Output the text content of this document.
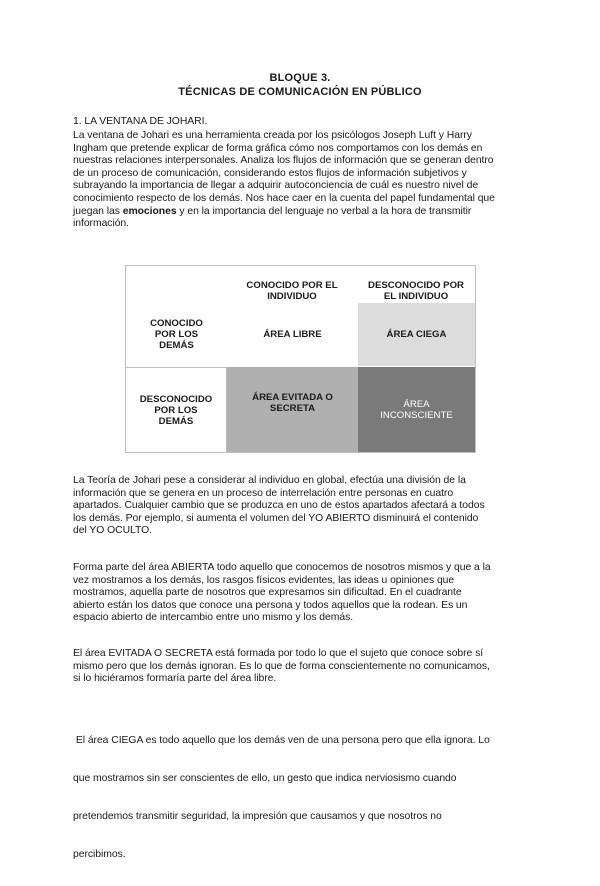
BLOQUE 3.
TÉCNICAS DE COMUNICACIÓN EN PÚBLICO
1. LA VENTANA DE JOHARI.
La ventana de Johari es una herramienta creada por los psicólogos Joseph Luft y Harry
Ingham que pretende explicar de forma gráfica cómo nos comportamos con los demás en
nuestras relaciones interpersonales. Analiza los flujos de información que se generan dentro
de un proceso de comunicación, considerando estos flujos de información subjetivos y
subrayando la importancia de llegar a adquirir autoconciencia de cuál es nuestro nivel de
conocimiento respecto de los demás. Nos hace caer en la cuenta del papel fundamental que
juegan las emociones y en la importancia del lenguaje no verbal a la hora de transmitir
información.
CONOCIDO POR EL INDIVIDUO
DESCONOCIDO POR EL INDIVIDUO
CONOCIDO POR LOS DEMÁS
ÁREA LIBRE	ÁREA CIEGA
DESCONOCIDO POR LOS DEMÁS
ÁREA EVITADA O SECRETA	ÁREA INCONSCIENTE
La Teoría de Johari pese a considerar al individuo en global, efectúa una división de la
información que se genera en un proceso de interrelación entre personas en cuatro
apartados. Cualquier cambio que se produzca en uno de estos apartados afectará a todos
los demás. Por ejemplo, si aumenta el volumen del YO ABIERTO disminuirá el contenido
del YO OCULTO.
Forma parte del área ABIERTA todo aquello que conocemos de nosotros mismos y que a la
vez mostramos a los demás, los rasgos físicos evidentes, las ideas u opiniones que
mostramos, aquella parte de nosotros que expresamos sin dificultad. En el cuadrante
abierto están los datos que conoce una persona y todos aquellos que la rodean. Es un
espacio abierto de intercambio entre uno mismo y los demás.
El área EVITADA O SECRETA está formada por todo lo que el sujeto que conoce sobre sí
mismo pero que los demás ignoran. Es lo que de forma conscientemente no comunicamos,
si lo hiciéramos formaría parte del área libre.

El área CIEGA es todo aquello que los demás ven de una persona pero que ella ignora. Lo

que mostramos sin ser conscientes de ello, un gesto que indica nerviosismo cuando

pretendemos transmitir seguridad, la impresión que causamos y que nosotros no

percibimos.
